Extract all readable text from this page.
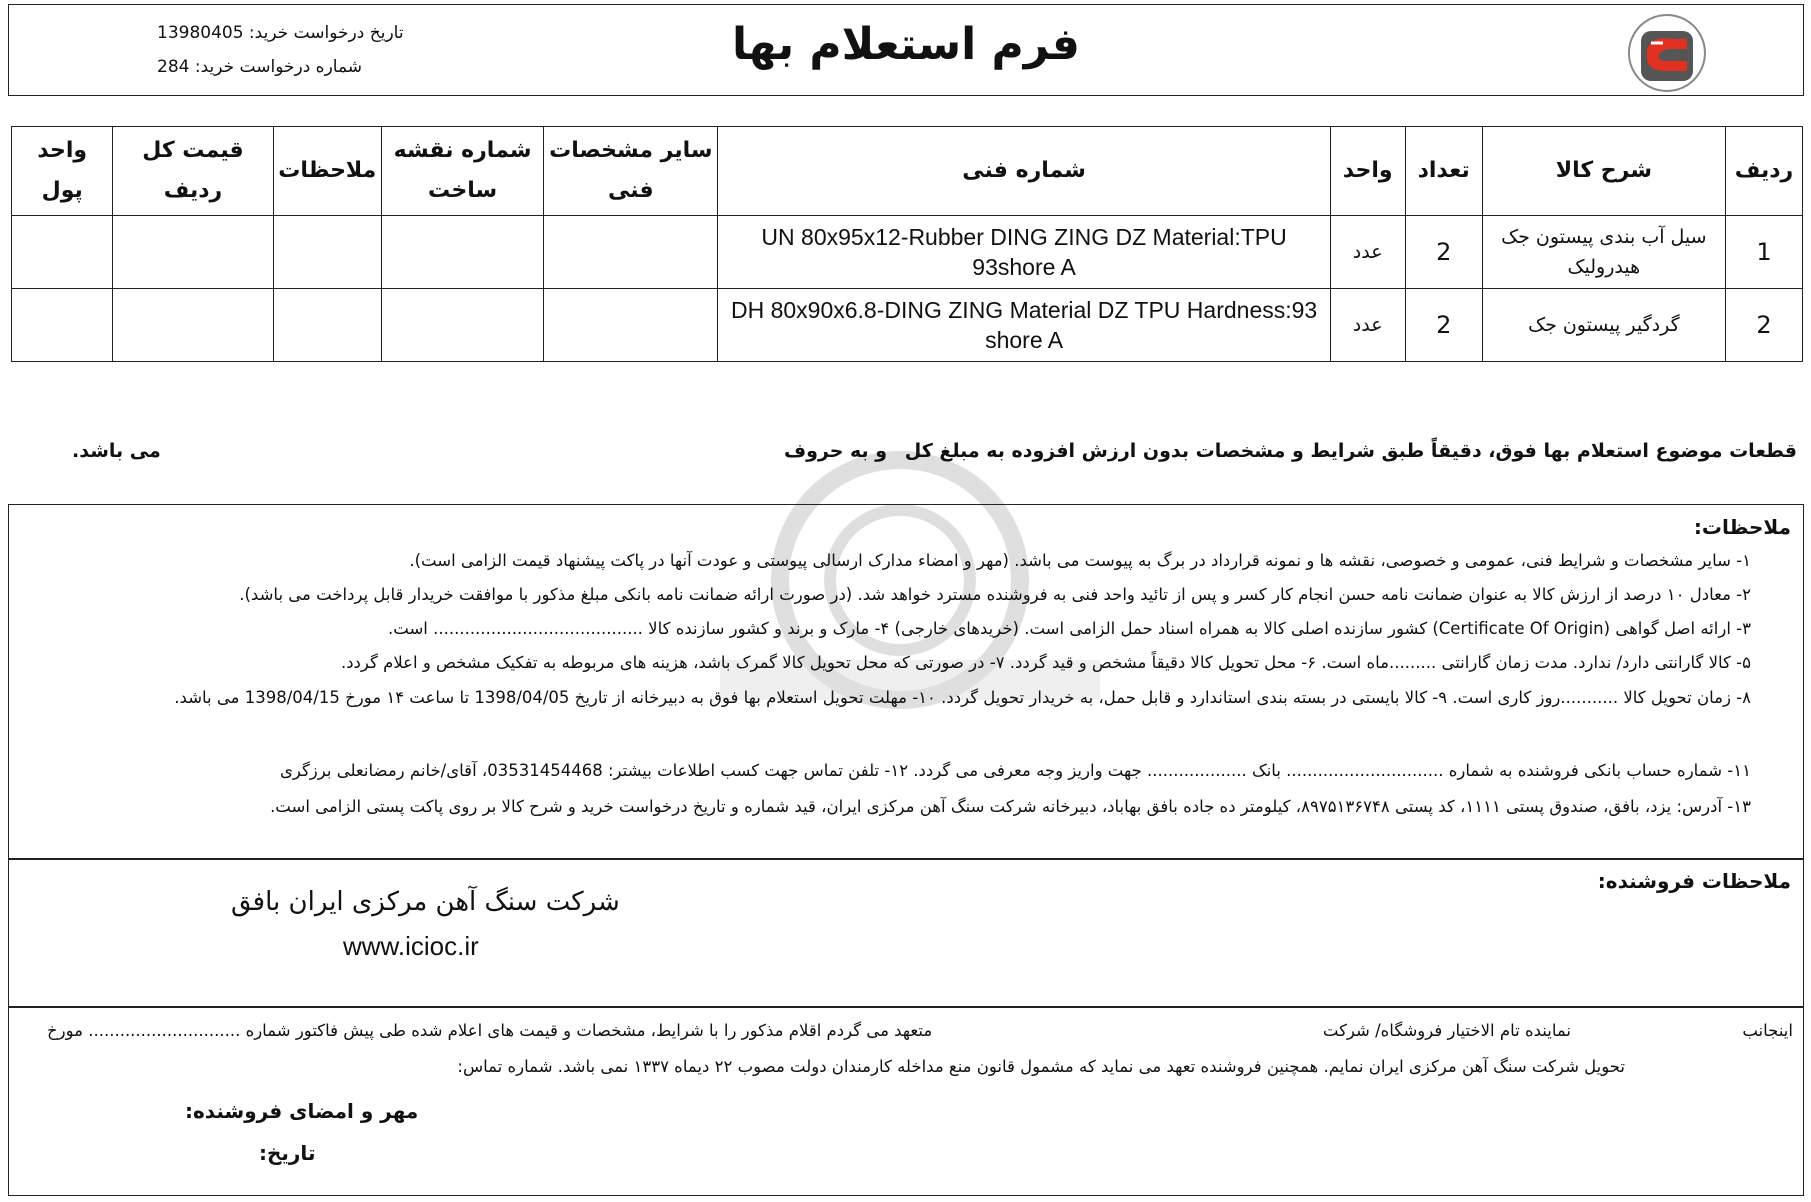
فرم استعلام بها
تاریخ درخواست خرید: 13980405
شماره درخواست خرید: 284
ردیف	شرح کالا	تعداد	واحد	شماره فنی	سایر مشخصات فنی	شماره نقشه ساخت	ملاحظات	قیمت کل ردیف	واحد پول
1	سیل آب بندی پیستون جک هیدرولیک	2	عدد	UN 80x95x12-Rubber DING ZING DZ Material:TPU 93shore A					
2	گردگیر پیستون جک	2	عدد	DH 80x90x6.8-DING ZING Material DZ TPU Hardness:93 shore A					
قطعات موضوع استعلام بها فوق، دقیقاً طبق شرایط و مشخصات بدون ارزش افزوده به مبلغ کل
و به حروف
می باشد.
ملاحظات:
۱- سایر مشخصات و شرایط فنی، عمومی و خصوصی، نقشه ها و نمونه قرارداد در برگ به پیوست می باشد. (مهر و امضاء مدارک ارسالی پیوستی و عودت آنها در پاکت پیشنهاد قیمت الزامی است).
۲- معادل ۱۰ درصد از ارزش کالا به عنوان ضمانت نامه حسن انجام کار کسر و پس از تائید واحد فنی به فروشنده مسترد خواهد شد. (در صورت ارائه ضمانت نامه بانکی مبلغ مذکور با موافقت خریدار قابل پرداخت می باشد).
۳- ارائه اصل گواهی (Certificate Of Origin) کشور سازنده اصلی کالا به همراه اسناد حمل الزامی است. (خریدهای خارجی) ۴- مارک و برند و کشور سازنده کالا ........................................ است.
۵- کالا گارانتی دارد/ ندارد. مدت زمان گارانتی .........ماه است. ۶- محل تحویل کالا دقیقاً مشخص و قید گردد. ۷- در صورتی که محل تحویل کالا گمرک باشد، هزینه های مربوطه به تفکیک مشخص و اعلام گردد.
۸- زمان تحویل کالا ...........روز کاری است. ۹- کالا بایستی در بسته بندی استاندارد و قابل حمل، به خریدار تحویل گردد. ۱۰- مهلت تحویل استعلام بها فوق به دبیرخانه از تاریخ 1398/04/05 تا ساعت ۱۴ مورخ 1398/04/15 می باشد.
۱۱- شماره حساب بانکی فروشنده به شماره .............................. بانک ................... جهت واریز وجه معرفی می گردد. ۱۲- تلفن تماس جهت کسب اطلاعات بیشتر: 03531454468، آقای/خانم رمضانعلی برزگری
۱۳- آدرس: یزد، بافق، صندوق پستی ۱۱۱۱، کد پستی ۸۹۷۵۱۳۶۷۴۸، کیلومتر ده جاده بافق بهاباد، دبیرخانه شرکت سنگ آهن مرکزی ایران، قید شماره و تاریخ درخواست خرید و شرح کالا بر روی پاکت پستی الزامی است.
ملاحظات فروشنده:
شرکت سنگ آهن مرکزی ایران بافق
www.icioc.ir
اینجانب
نماینده تام الاختیار فروشگاه/ شرکت
متعهد می گردم اقلام مذکور را با شرایط، مشخصات و قیمت های اعلام شده طی پیش فاکتور شماره ............................. مورخ
تحویل شرکت سنگ آهن مرکزی ایران نمایم. همچنین فروشنده تعهد می نماید که مشمول قانون منع مداخله کارمندان دولت مصوب ۲۲ دیماه ۱۳۳۷ نمی باشد. شماره تماس:
مهر و امضای فروشنده:
تاریخ:
